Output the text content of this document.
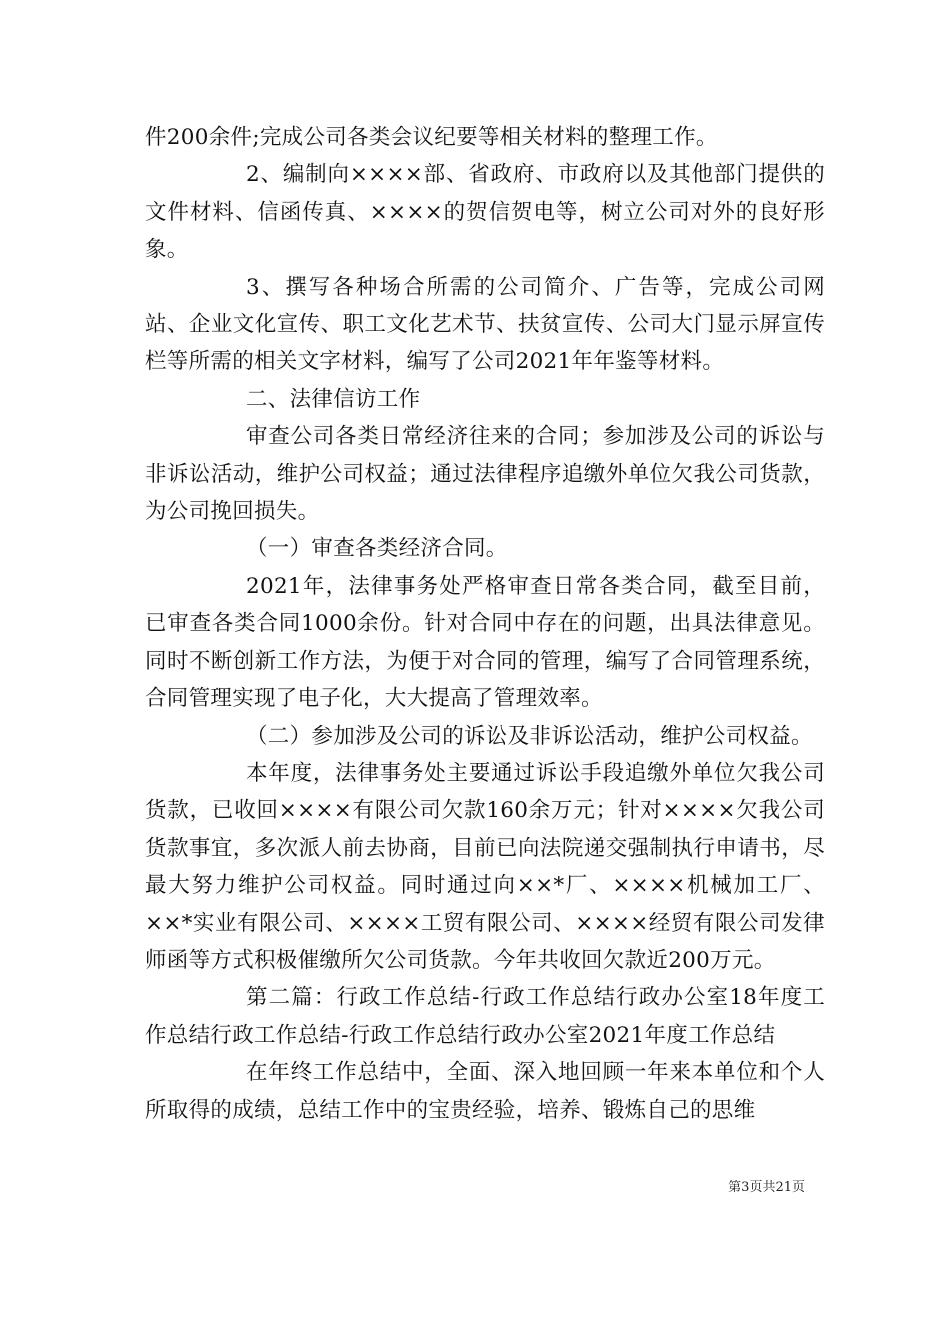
件200余件;完成公司各类会议纪要等相关材料的整理工作。

2、编制向××××部、省政府、市政府以及其他部门提供的文件材料、信函传真、××××的贺信贺电等，树立公司对外的良好形象。

3、撰写各种场合所需的公司简介、广告等，完成公司网站、企业文化宣传、职工文化艺术节、扶贫宣传、公司大门显示屏宣传栏等所需的相关文字材料，编写了公司2021年年鉴等材料。

二、法律信访工作

审查公司各类日常经济往来的合同；参加涉及公司的诉讼与非诉讼活动，维护公司权益；通过法律程序追缴外单位欠我公司货款，为公司挽回损失。

（一）审查各类经济合同。

2021年，法律事务处严格审查日常各类合同，截至目前，已审查各类合同1000余份。针对合同中存在的问题，出具法律意见。同时不断创新工作方法，为便于对合同的管理，编写了合同管理系统，合同管理实现了电子化，大大提高了管理效率。

（二）参加涉及公司的诉讼及非诉讼活动，维护公司权益。

本年度，法律事务处主要通过诉讼手段追缴外单位欠我公司货款，已收回××××有限公司欠款160余万元；针对××××欠我公司货款事宜，多次派人前去协商，目前已向法院递交强制执行申请书，尽最大努力维护公司权益。同时通过向××*厂、××××机械加工厂、××*实业有限公司、××××工贸有限公司、××××经贸有限公司发律师函等方式积极催缴所欠公司货款。今年共收回欠款近200万元。

第二篇：行政工作总结-行政工作总结行政办公室18年度工作总结行政工作总结-行政工作总结行政办公室2021年度工作总结

在年终工作总结中，全面、深入地回顾一年来本单位和个人所取得的成绩，总结工作中的宝贵经验，培养、锻炼自己的思维

第3页共21页
